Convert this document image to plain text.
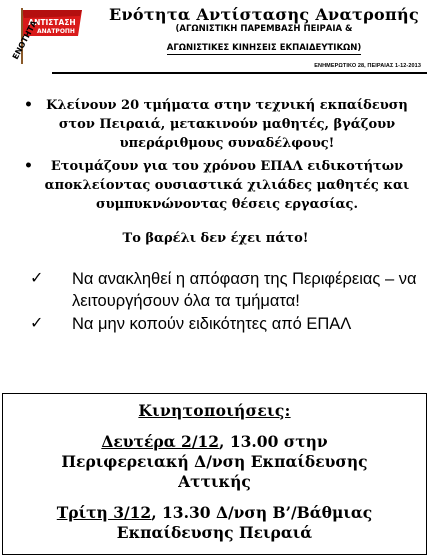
ΑΝΤΙΣΤΑΣΗ
ΑΝΑΤΡΟΠΗ
ΕΝΟΤΗΤΑ
Ενότητα Αντίστασης Ανατροπής
(ΑΓΩΝΙΣΤΙΚΗ ΠΑΡΕΜΒΑΣΗ ΠΕΙΡΑΙΑ &
ΑΓΩΝΙΣΤΙΚΕΣ ΚΙΝΗΣΕΙΣ ΕΚΠΑΙΔΕΥΤΙΚΩΝ)
ΕΝΗΜΕΡΩΤΙΚΟ 28, ΠΕΙΡΑΙΑΣ 1-12-2013
•	Κλείνουν 20 τμήματα στην τεχνική εκπαίδευση στον Πειραιά, μετακινούν μαθητές, βγάζουν υπεράριθμους συναδέλφους!
•	Ετοιμάζουν για του χρόνου ΕΠΑΛ ειδικοτήτων αποκλείοντας ουσιαστικά χιλιάδες μαθητές και συμπυκνώνοντας θέσεις εργασίας.
Το βαρέλι δεν έχει πάτο!
✓	Να ανακληθεί η απόφαση της Περιφέρειας – να λειτουργήσουν όλα τα τμήματα!
✓	Να μην κοπούν ειδικότητες από ΕΠΑΛ
Κινητοποιήσεις:
Δευτέρα 2/12, 13.00 στην
Περιφερειακή Δ/νση Εκπαίδευσης
Αττικής
Τρίτη 3/12, 13.30 Δ/νση Β’/Βάθμιας
Εκπαίδευσης Πειραιά
